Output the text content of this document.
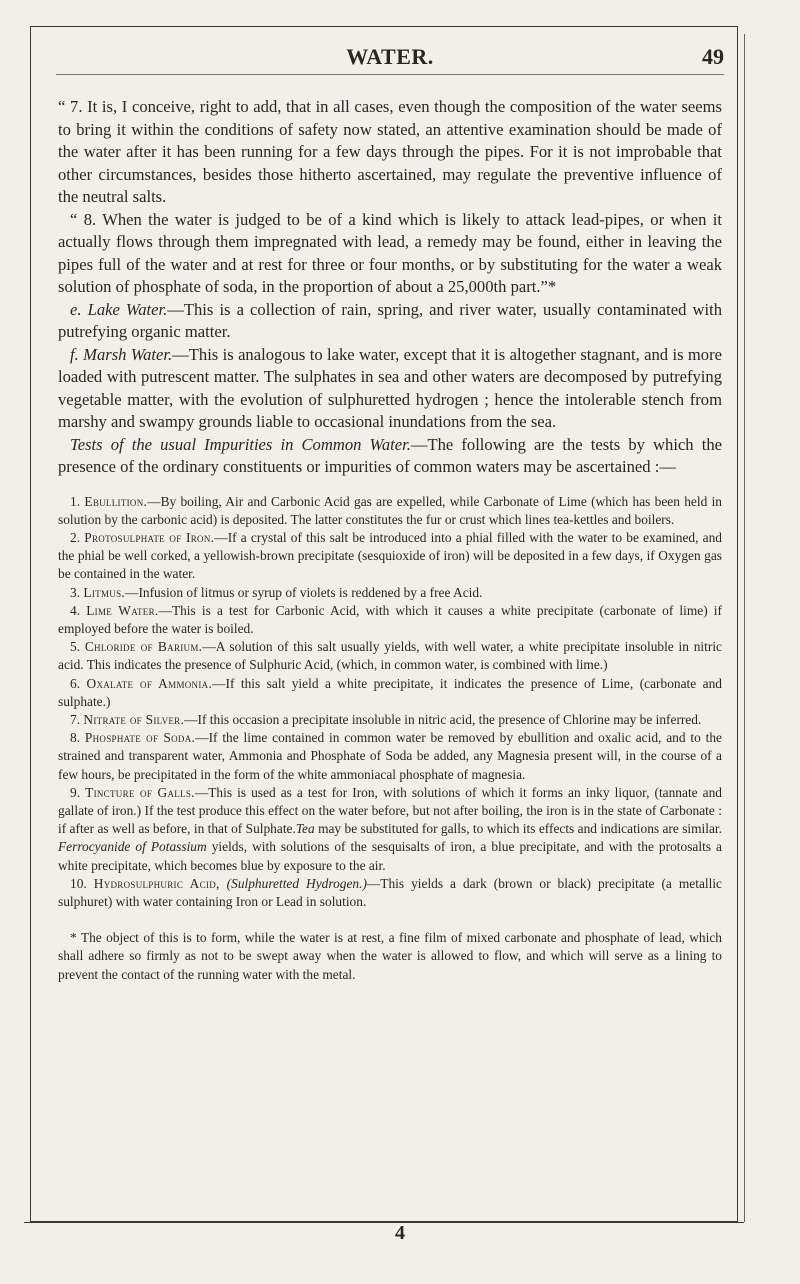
WATER.	49

“ 7. It is, I conceive, right to add, that in all cases, even though the composition of the water seems to bring it within the conditions of safety now stated, an attentive examination should be made of the water after it has been running for a few days through the pipes. For it is not improbable that other circumstances, besides those hitherto ascertained, may regulate the preventive influence of the neutral salts.

“ 8. When the water is judged to be of a kind which is likely to attack lead-pipes, or when it actually flows through them impregnated with lead, a remedy may be found, either in leaving the pipes full of the water and at rest for three or four months, or by substituting for the water a weak solution of phosphate of soda, in the proportion of about a 25,000th part.”*

e. Lake Water.—This is a collection of rain, spring, and river water, usually contaminated with putrefying organic matter.

f. Marsh Water.—This is analogous to lake water, except that it is altogether stagnant, and is more loaded with putrescent matter. The sulphates in sea and other waters are decomposed by putrefying vegetable matter, with the evolution of sulphuretted hydrogen ; hence the intolerable stench from marshy and swampy grounds liable to occasional inundations from the sea.

Tests of the usual Impurities in Common Water.—The following are the tests by which the presence of the ordinary constituents or impurities of common waters may be ascertained :—

1. Ebullition.—By boiling, Air and Carbonic Acid gas are expelled, while Carbonate of Lime (which has been held in solution by the carbonic acid) is deposited. The latter constitutes the fur or crust which lines tea-kettles and boilers.

2. Protosulphate of Iron.—If a crystal of this salt be introduced into a phial filled with the water to be examined, and the phial be well corked, a yellowish-brown precipitate (sesquioxide of iron) will be deposited in a few days, if Oxygen gas be contained in the water.

3. Litmus.—Infusion of litmus or syrup of violets is reddened by a free Acid.

4. Lime Water.—This is a test for Carbonic Acid, with which it causes a white precipitate (carbonate of lime) if employed before the water is boiled.

5. Chloride of Barium.—A solution of this salt usually yields, with well water, a white precipitate insoluble in nitric acid. This indicates the presence of Sulphuric Acid, (which, in common water, is combined with lime.)

6. Oxalate of Ammonia.—If this salt yield a white precipitate, it indicates the presence of Lime, (carbonate and sulphate.)

7. Nitrate of Silver.—If this occasion a precipitate insoluble in nitric acid, the presence of Chlorine may be inferred.

8. Phosphate of Soda.—If the lime contained in common water be removed by ebullition and oxalic acid, and to the strained and transparent water, Ammonia and Phosphate of Soda be added, any Magnesia present will, in the course of a few hours, be precipitated in the form of the white ammoniacal phosphate of magnesia.

9. Tincture of Galls.—This is used as a test for Iron, with solutions of which it forms an inky liquor, (tannate and gallate of iron.) If the test produce this effect on the water before, but not after boiling, the iron is in the state of Carbonate : if after as well as before, in that of Sulphate.Tea may be substituted for galls, to which its effects and indications are similar. Ferrocyanide of Potassium yields, with solutions of the sesquisalts of iron, a blue precipitate, and with the protosalts a white precipitate, which becomes blue by exposure to the air.

10. Hydrosulphuric Acid, (Sulphuretted Hydrogen.)—This yields a dark (brown or black) precipitate (a metallic sulphuret) with water containing Iron or Lead in solution.

* The object of this is to form, while the water is at rest, a fine film of mixed carbonate and phosphate of lead, which shall adhere so firmly as not to be swept away when the water is allowed to flow, and which will serve as a lining to prevent the contact of the running water with the metal.

4
